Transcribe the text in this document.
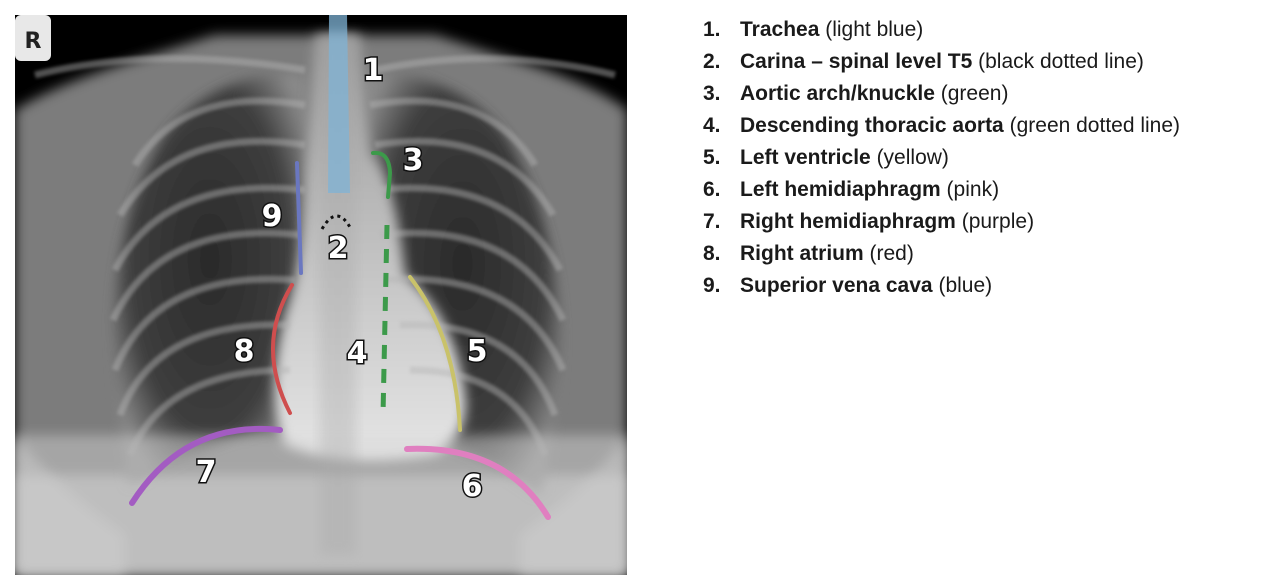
R
1
2
3
4	5
6
7
8
9
1. Trachea (light blue)
2. Carina – spinal level T5 (black dotted line)
3. Aortic arch/knuckle (green)
4. Descending thoracic aorta (green dotted line)
5. Left ventricle (yellow)
6. Left hemidiaphragm (pink)
7. Right hemidiaphragm (purple)
8. Right atrium (red)
9. Superior vena cava (blue)
